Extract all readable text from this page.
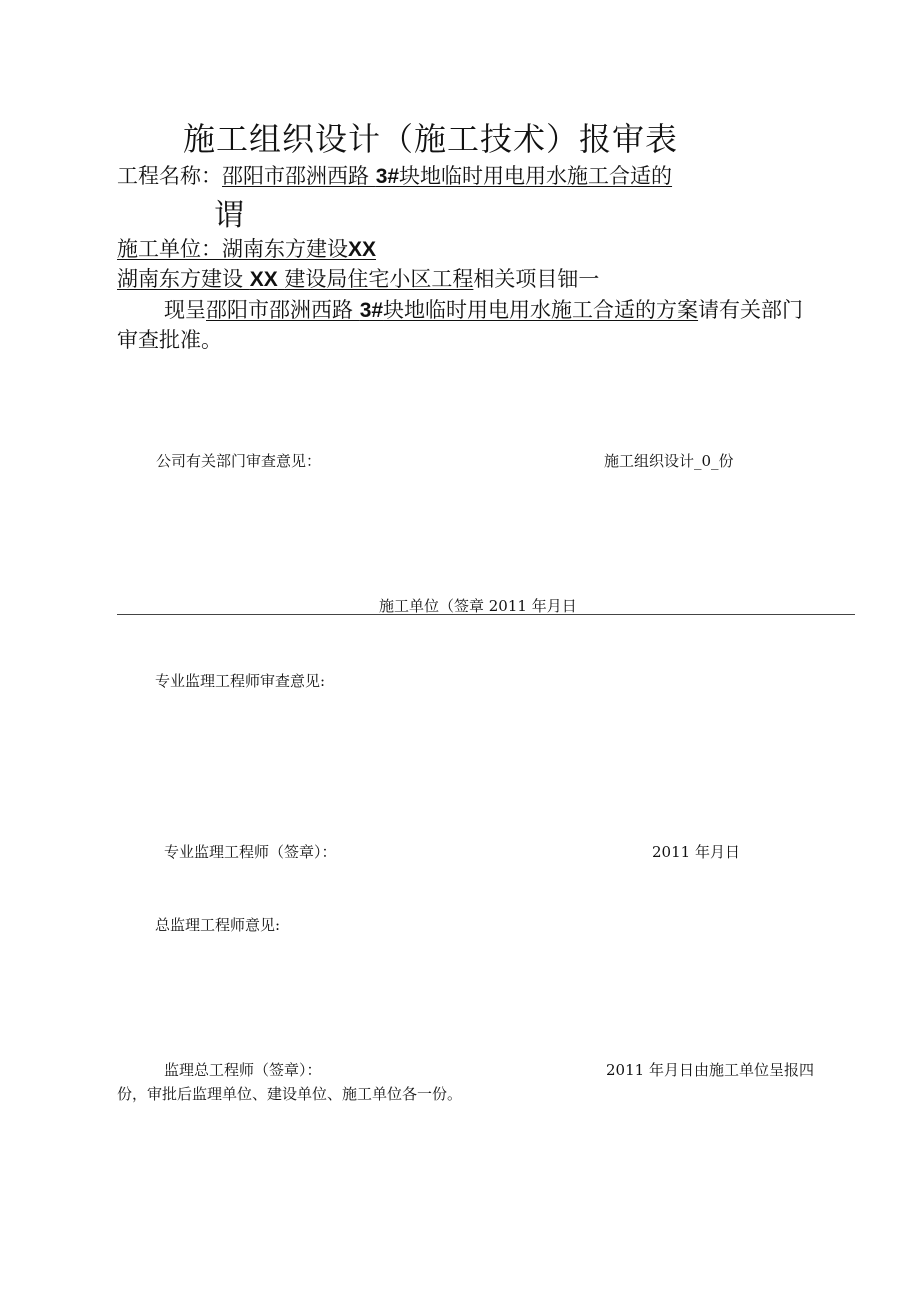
施工组织设计（施工技术）报审表
工程名称：邵阳市邵洲西路 3#块地临时用电用水施工合适的
谓
施工单位：湖南东方建设XX
湖南东方建设 XX 建设局住宅小区工程相关项目钿一
现呈邵阳市邵洲西路 3#块地临时用电用水施工合适的方案请有关部门
审查批准。
公司有关部门审查意见：	施工组织设计_0_份
施工单位（签章 2011 年月日
专业监理工程师审查意见:
专业监理工程师（签章）：	2011 年月日
总监理工程师意见:
监理总工程师（签章）：	2011 年月日由施工单位呈报四
份，审批后监理单位、建设单位、施工单位各一份。
